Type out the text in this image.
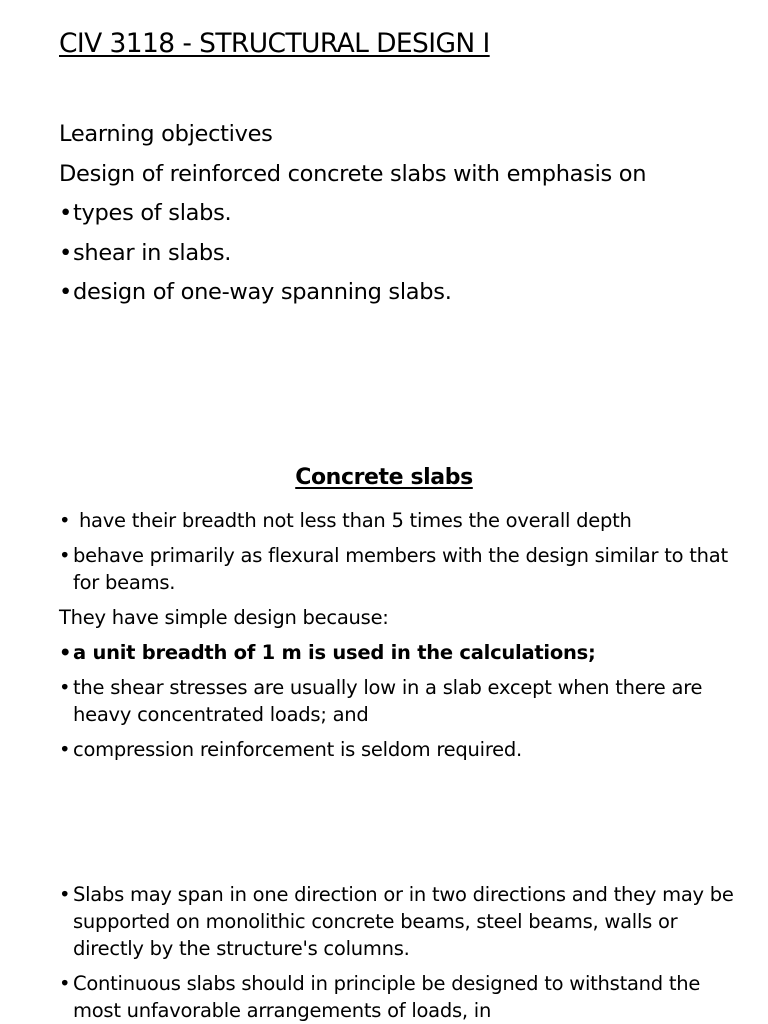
CIV 3118 - STRUCTURAL DESIGN I
Learning objectives
Design of reinforced concrete slabs with emphasis on
•types of slabs.
•shear in slabs.
•design of one-way spanning slabs.
Concrete slabs
• have their breadth not less than 5 times the overall depth
• behave primarily as flexural members with the design similar to that for beams.
They have simple design because:
• a unit breadth of 1 m is used in the calculations;
• the shear stresses are usually low in a slab except when there are heavy concentrated loads; and
• compression reinforcement is seldom required.
• Slabs may span in one direction or in two directions and they may be supported on monolithic concrete beams, steel beams, walls or directly by the structure's columns.
• Continuous slabs should in principle be designed to withstand the most unfavorable arrangements of loads, in
